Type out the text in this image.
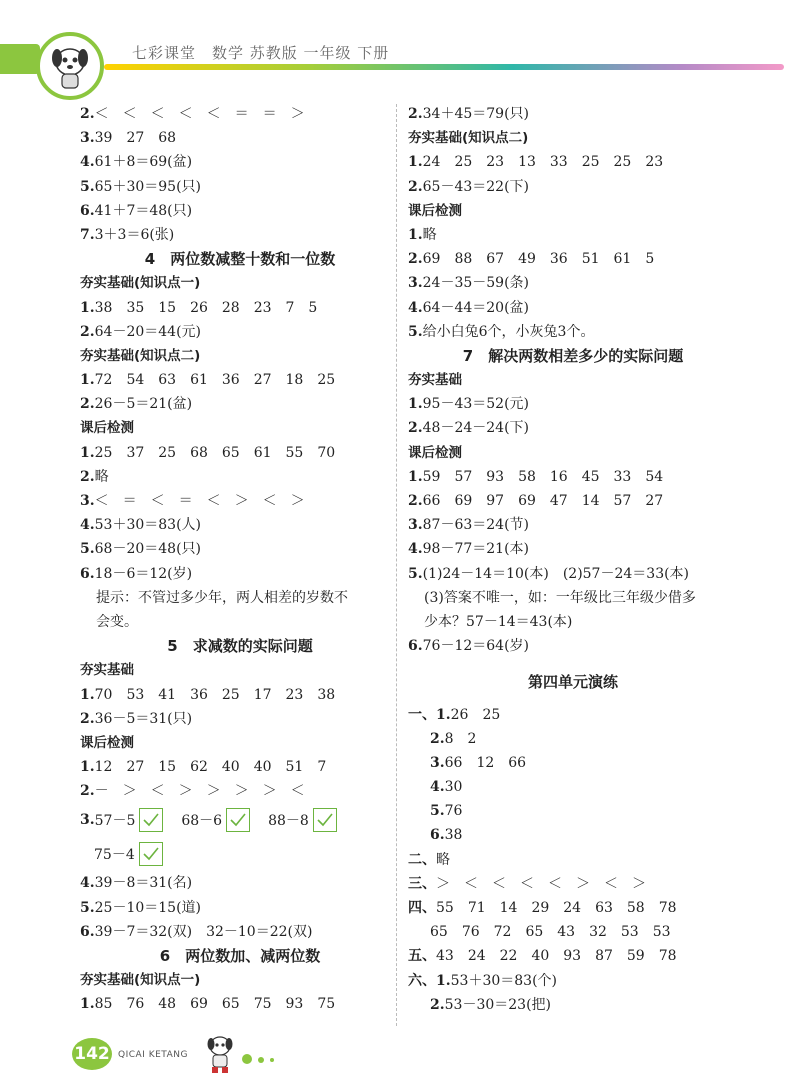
七彩课堂　数学 苏教版 一年级 下册
2.＜　＜　＜　＜　＜　＝　＝　＞
3.39　27　68
4.61＋8＝69(盆)
5.65＋30＝95(只)
6.41＋7＝48(只)
7.3＋3＝6(张)
4　两位数减整十数和一位数
夯实基础(知识点一)
1.38　35　15　26　28　23　7　5
2.64－20＝44(元)
夯实基础(知识点二)
1.72　54　63　61　36　27　18　25
2.26－5＝21(盆)
课后检测
1.25　37　25　68　65　61　55　70
2.略
3.＜　＝　＜　＝　＜　＞　＜　＞
4.53＋30＝83(人)
5.68－20＝48(只)
6.18－6＝12(岁)
提示：不管过多少年，两人相差的岁数不
会变。
5　求减数的实际问题
夯实基础
1.70　53　41　36　25　17　23　38
2.36－5＝31(只)
课后检测
1.12　27　15　62　40　40　51　7
2.－　＞　＜　＞　＞　＞　＞　＜
3. 57－5	68－6	88－8
75－4
4.39－8＝31(名)
5.25－10＝15(道)
6.39－7＝32(双)　32－10＝22(双)
6　两位数加、减两位数
夯实基础(知识点一)
1.85　76　48　69　65　75　93　75
2.34＋45＝79(只)
夯实基础(知识点二)
1.24　25　23　13　33　25　25　23
2.65－43＝22(下)
课后检测
1.略
2.69　88　67　49　36　51　61　5
3.24－35－59(条)
4.64－44＝20(盆)
5.给小白兔6个，小灰兔3个。
7　解决两数相差多少的实际问题
夯实基础
1.95－43＝52(元)
2.48－24－24(下)
课后检测
1.59　57　93　58　16　45　33　54
2.66　69　97　69　47　14　57　27
3.87－63＝24(节)
4.98－77＝21(本)
5.(1)24－14＝10(本)　(2)57－24＝33(本)
(3)答案不唯一，如：一年级比三年级少借多
少本？57－14＝43(本)
6.76－12＝64(岁)
第四单元演练
一、1.26　25
2.8　2
3.66　12　66
4.30
5.76
6.38
二、略
三、＞　＜　＜　＜　＜　＞　＜　＞
四、55　71　14　29　24　63　58　78
65　76　72　65　43　32　53　53
五、43　24　22　40　93　87　59　78
六、1.53＋30＝83(个)
2.53－30＝23(把)
142 QICAI KETANG
